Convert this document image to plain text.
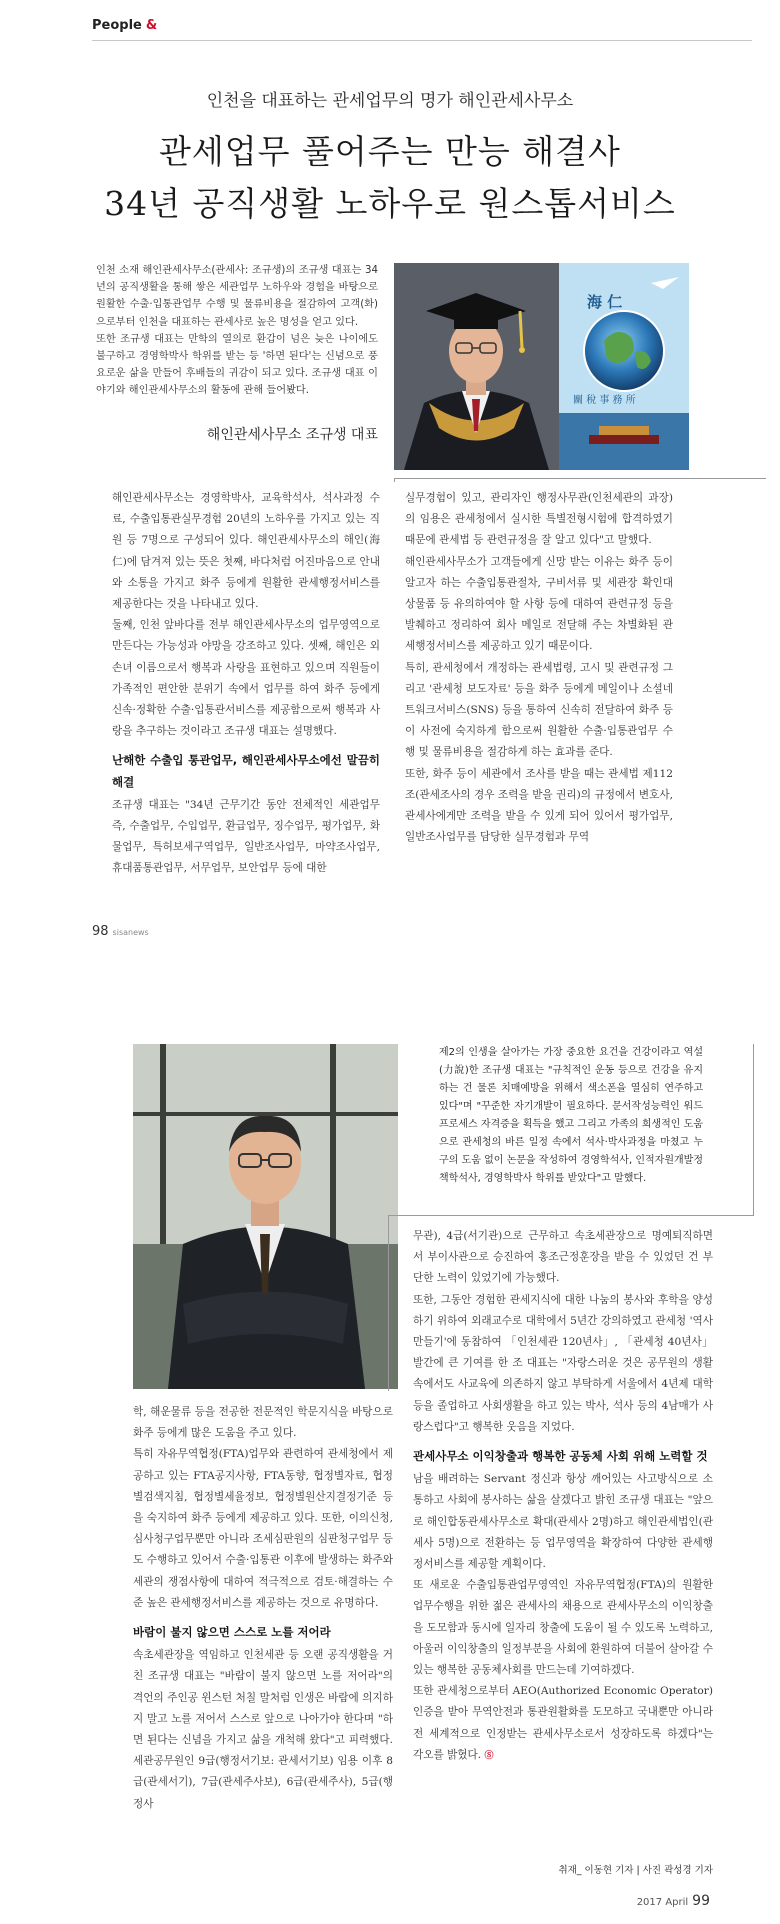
People &
인천을 대표하는 관세업무의 명가 해인관세사무소
관세업무 풀어주는 만능 해결사
34년 공직생활 노하우로 원스톱서비스

인천 소재 해인관세사무소(관세사: 조규생)의 조규생 대표는 34년의 공직생활을 통해 쌓은 세관업무 노하우와 경험을 바탕으로 원활한 수출·입통관업무 수행 및 물류비용을 절감하여 고객(화)으로부터 인천을 대표하는 관세사로 높은 명성을 얻고 있다.

또한 조규생 대표는 만학의 열의로 환갑이 넘은 늦은 나이에도 불구하고 경영학박사 학위를 받는 등 '하면 된다'는 신념으로 풍요로운 삶을 만들어 후배들의 귀감이 되고 있다. 조규생 대표 이야기와 해인관세사무소의 활동에 관해 들어봤다.

해인관세사무소 조규생 대표
海 仁
關 稅 事 務 所

해인관세사무소는 경영학박사, 교육학석사, 석사과정 수료, 수출입통관실무경험 20년의 노하우를 가지고 있는 직원 등 7명으로 구성되어 있다. 해인관세사무소의 해인(海仁)에 담겨져 있는 뜻은 첫째, 바다처럼 어진마음으로 안내와 소통을 가지고 화주 등에게 원활한 관세행정서비스를 제공한다는 것을 나타내고 있다.

둘째, 인천 앞바다를 전부 해인관세사무소의 업무영역으로 만든다는 가능성과 야망을 강조하고 있다. 셋째, 해인은 외손녀 이름으로서 행복과 사랑을 표현하고 있으며 직원들이 가족적인 편안한 분위기 속에서 업무를 하여 화주 등에게 신속·정확한 수출·입통관서비스를 제공함으로써 행복과 사랑을 추구하는 것이라고 조규생 대표는 설명했다.

난해한 수출입 통관업무, 해인관세사무소에선 말끔히 해결

조규생 대표는 "34년 근무기간 동안 전체적인 세관업무 즉, 수출업무, 수입업무, 환급업무, 징수업무, 평가업무, 화물업무, 특허보세구역업무, 일반조사업무, 마약조사업무, 휴대품통관업무, 서무업무, 보안업무 등에 대한

실무경험이 있고, 관리자인 행정사무관(인천세관의 과장)의 임용은 관세청에서 실시한 특별전형시험에 합격하였기 때문에 관세법 등 관련규정을 잘 알고 있다"고 말했다.

해인관세사무소가 고객들에게 신망 받는 이유는 화주 등이 알고자 하는 수출입통관절차, 구비서류 및 세관장 확인대상물품 등 유의하여야 할 사항 등에 대하여 관련규정 등을 발췌하고 정리하여 회사 메일로 전달해 주는 차별화된 관세행정서비스를 제공하고 있기 때문이다.

특히, 관세청에서 개정하는 관세법령, 고시 및 관련규정 그리고 '관세청 보도자료' 등을 화주 등에게 메일이나 소셜네트워크서비스(SNS) 등을 통하여 신속히 전달하여 화주 등이 사전에 숙지하게 함으로써 원활한 수출·입통관업무 수행 및 물류비용을 절감하게 하는 효과를 준다.

또한, 화주 등이 세관에서 조사를 받을 때는 관세법 제112조(관세조사의 경우 조력을 받을 권리)의 규정에서 변호사, 관세사에게만 조력을 받을 수 있게 되어 있어서 평가업무, 일반조사업무를 담당한 실무경험과 무역

98 sisanews
제2의 인생을 살아가는 가장 중요한 요건을 건강이라고 역설(力說)한 조규생 대표는 "규칙적인 운동 등으로 건강을 유지하는 건 물론 치매예방을 위해서 색소폰을 열심히 연주하고 있다"며 "꾸준한 자기개발이 필요하다. 문서작성능력인 워드프로세스 자격증을 획득을 했고 그리고 가족의 희생적인 도움으로 관세청의 바른 일정 속에서 석사·박사과정을 마쳤고 누구의 도움 없이 논문을 작성하여 경영학석사, 인적자원개발정책학석사, 경영학박사 학위를 받았다"고 말했다.

무관), 4급(서기관)으로 근무하고 속초세관장으로 명예퇴직하면서 부이사관으로 승진하여 홍조근정훈장을 받을 수 있었던 건 부단한 노력이 있었기에 가능했다.

또한, 그동안 경험한 관세지식에 대한 나눔의 봉사와 후학을 양성하기 위하여 외래교수로 대학에서 5년간 강의하였고 관세청 '역사 만들기'에 동참하여 「인천세관 120년사」, 「관세청 40년사」발간에 큰 기여를 한 조 대표는 "자랑스러운 것은 공무원의 생활 속에서도 사교육에 의존하지 않고 부탁하게 서울에서 4년제 대학 등을 졸업하고 사회생활을 하고 있는 박사, 석사 등의 4남매가 사랑스럽다"고 행복한 웃음을 지었다.

관세사무소 이익창출과 행복한 공동체 사회 위해 노력할 것

남을 배려하는 Servant 정신과 항상 깨어있는 사고방식으로 소통하고 사회에 봉사하는 삶을 살겠다고 밝힌 조규생 대표는 "앞으로 해인합동관세사무소로 확대(관세사 2명)하고 해인관세법인(관세사 5명)으로 전환하는 등 업무영역을 확장하여 다양한 관세행정서비스를 제공할 계획이다.

또 새로운 수출입통관업무영역인 자유무역협정(FTA)의 원활한 업무수행을 위한 젊은 관세사의 채용으로 관세사무소의 이익창출을 도모함과 동시에 일자리 창출에 도움이 될 수 있도록 노력하고, 아울러 이익창출의 일정부분을 사회에 환원하여 더불어 살아갈 수 있는 행복한 공동체사회를 만드는데 기여하겠다.

또한 관세청으로부터 AEO(Authorized Economic Operator) 인증을 받아 무역안전과 통관원활화를 도모하고 국내뿐만 아니라 전 세계적으로 인정받는 관세사무소로서 성장하도록 하겠다"는 각오를 밝혔다. Ⓢ

학, 해운물류 등을 전공한 전문적인 학문지식을 바탕으로 화주 등에게 많은 도움을 주고 있다.

특히 자유무역협정(FTA)업무와 관련하여 관세청에서 제공하고 있는 FTA공지사항, FTA동향, 협정별자료, 협정별검색지침, 협정별세율정보, 협정별원산지결정기준 등을 숙지하여 화주 등에게 제공하고 있다. 또한, 이의신청, 심사청구업무뿐만 아니라 조세심판원의 심판청구업무 등도 수행하고 있어서 수출·입통관 이후에 발생하는 화주와 세관의 쟁점사항에 대하여 적극적으로 검토·해결하는 수준 높은 관세행정서비스를 제공하는 것으로 유명하다.

바람이 불지 않으면 스스로 노를 저어라

속초세관장을 역임하고 인천세관 등 오랜 공직생활을 거친 조규생 대표는 "바람이 불지 않으면 노를 저어라"의 격언의 주인공 윈스턴 처칠 말처럼 인생은 바람에 의지하지 말고 노를 저어서 스스로 앞으로 나아가야 한다며 "하면 된다는 신념을 가지고 삶을 개척해 왔다"고 피력했다. 세관공무원인 9급(행정서기보: 관세서기보) 임용 이후 8급(관세서기), 7급(관세주사보), 6급(관세주사), 5급(행정사

취재_ 이동현 기자 | 사진 곽성경 기자
2017 April 99
